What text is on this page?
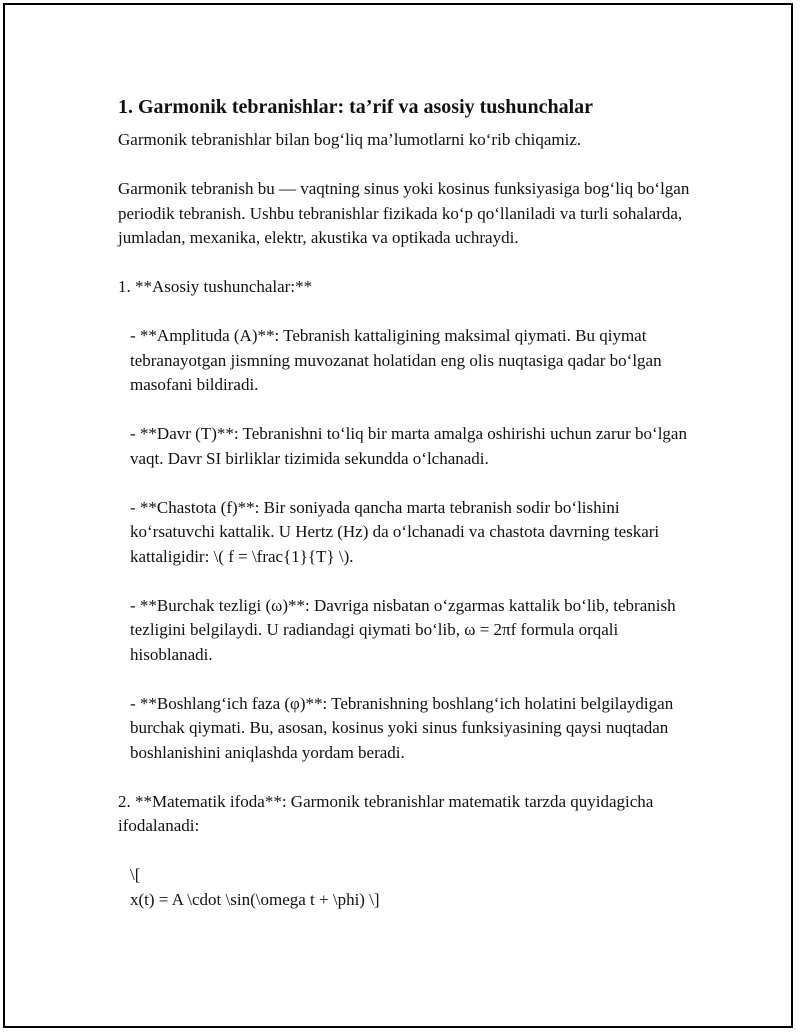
1. Garmonik tebranishlar: ta’rif va asosiy tushunchalar

Garmonik tebranishlar bilan bog‘liq ma’lumotlarni ko‘rib chiqamiz.

Garmonik tebranish bu — vaqtning sinus yoki kosinus funksiyasiga bog‘liq bo‘lgan periodik tebranish. Ushbu tebranishlar fizikada ko‘p qo‘llaniladi va turli sohalarda, jumladan, mexanika, elektr, akustika va optikada uchraydi.

1. **Asosiy tushunchalar:**

- **Amplituda (A)**: Tebranish kattaligining maksimal qiymati. Bu qiymat tebranayotgan jismning muvozanat holatidan eng olis nuqtasiga qadar bo‘lgan masofani bildiradi.

- **Davr (T)**: Tebranishni to‘liq bir marta amalga oshirishi uchun zarur bo‘lgan vaqt. Davr SI birliklar tizimida sekundda o‘lchanadi.

- **Chastota (f)**: Bir soniyada qancha marta tebranish sodir bo‘lishini ko‘rsatuvchi kattalik. U Hertz (Hz) da o‘lchanadi va chastota davrning teskari kattaligidir: \( f = \frac{1}{T} \).

- **Burchak tezligi (ω)**: Davriga nisbatan o‘zgarmas kattalik bo‘lib, tebranish tezligini belgilaydi. U radiandagi qiymati bo‘lib, ω = 2πf formula orqali hisoblanadi.

- **Boshlang‘ich faza (φ)**: Tebranishning boshlang‘ich holatini belgilaydigan burchak qiymati. Bu, asosan, kosinus yoki sinus funksiyasining qaysi nuqtadan boshlanishini aniqlashda yordam beradi.

2. **Matematik ifoda**: Garmonik tebranishlar matematik tarzda quyidagicha ifodalanadi:

\[
x(t) = A \cdot \sin(\omega t + \phi) \]
